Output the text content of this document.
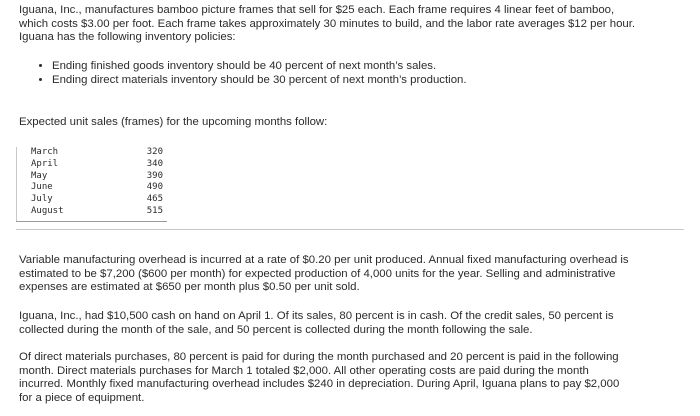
Iguana, Inc., manufactures bamboo picture frames that sell for $25 each. Each frame requires 4 linear feet of bamboo,
which costs $3.00 per foot. Each frame takes approximately 30 minutes to build, and the labor rate averages $12 per hour.
Iguana has the following inventory policies:

• Ending finished goods inventory should be 40 percent of next month’s sales.
• Ending direct materials inventory should be 30 percent of next month’s production.

Expected unit sales (frames) for the upcoming months follow:

March	320
April	340
May	390
June	490
July	465
August	515

Variable manufacturing overhead is incurred at a rate of $0.20 per unit produced. Annual fixed manufacturing overhead is
estimated to be $7,200 ($600 per month) for expected production of 4,000 units for the year. Selling and administrative
expenses are estimated at $650 per month plus $0.50 per unit sold.

Iguana, Inc., had $10,500 cash on hand on April 1. Of its sales, 80 percent is in cash. Of the credit sales, 50 percent is
collected during the month of the sale, and 50 percent is collected during the month following the sale.

Of direct materials purchases, 80 percent is paid for during the month purchased and 20 percent is paid in the following
month. Direct materials purchases for March 1 totaled $2,000. All other operating costs are paid during the month
incurred. Monthly fixed manufacturing overhead includes $240 in depreciation. During April, Iguana plans to pay $2,000
for a piece of equipment.
